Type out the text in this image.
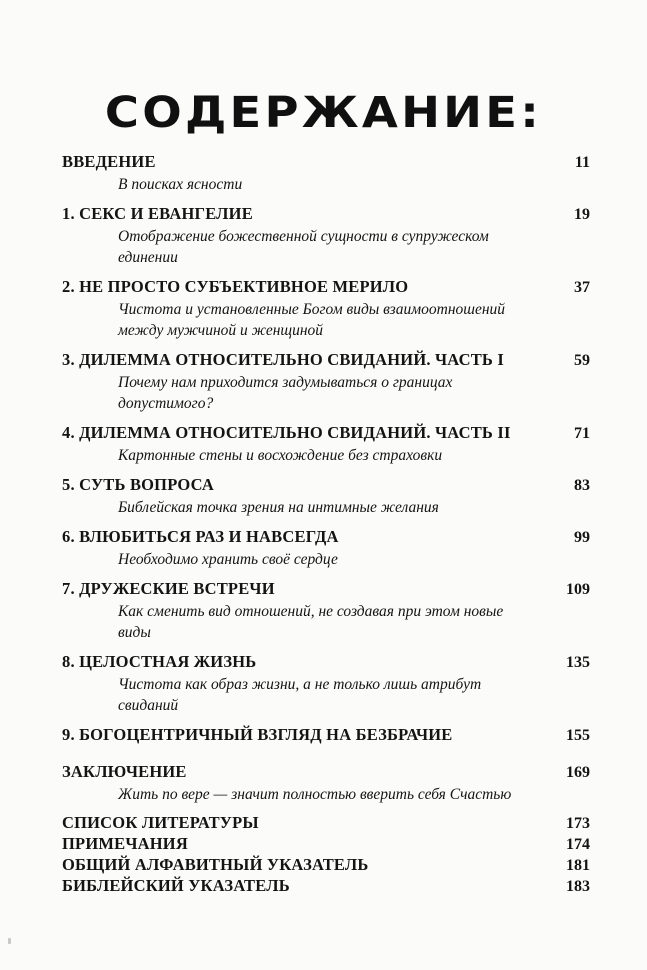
СОДЕРЖАНИЕ:
ВВЕДЕНИЕ	11
В поисках ясности
1. СЕКС И ЕВАНГЕЛИЕ	19
Отображение божественной сущности в супружеском единении
2. НЕ ПРОСТО СУБЪЕКТИВНОЕ МЕРИЛО	37
Чистота и установленные Богом виды взаимоотношений между мужчиной и женщиной
3. ДИЛЕММА ОТНОСИТЕЛЬНО СВИДАНИЙ. ЧАСТЬ I	59
Почему нам приходится задумываться о границах допустимого?
4. ДИЛЕММА ОТНОСИТЕЛЬНО СВИДАНИЙ. ЧАСТЬ II	71
Картонные стены и восхождение без страховки
5. СУТЬ ВОПРОСА	83
Библейская точка зрения на интимные желания
6. ВЛЮБИТЬСЯ РАЗ И НАВСЕГДА	99
Необходимо хранить своё сердце
7. ДРУЖЕСКИЕ ВСТРЕЧИ	109
Как сменить вид отношений, не создавая при этом новые виды
8. ЦЕЛОСТНАЯ ЖИЗНЬ	135
Чистота как образ жизни, а не только лишь атрибут свиданий
9. БОГОЦЕНТРИЧНЫЙ ВЗГЛЯД НА БЕЗБРАЧИЕ	155
ЗАКЛЮЧЕНИЕ	169
Жить по вере — значит полностью вверить себя Счастью
СПИСОК ЛИТЕРАТУРЫ	173
ПРИМЕЧАНИЯ	174
ОБЩИЙ АЛФАВИТНЫЙ УКАЗАТЕЛЬ	181
БИБЛЕЙСКИЙ УКАЗАТЕЛЬ	183
